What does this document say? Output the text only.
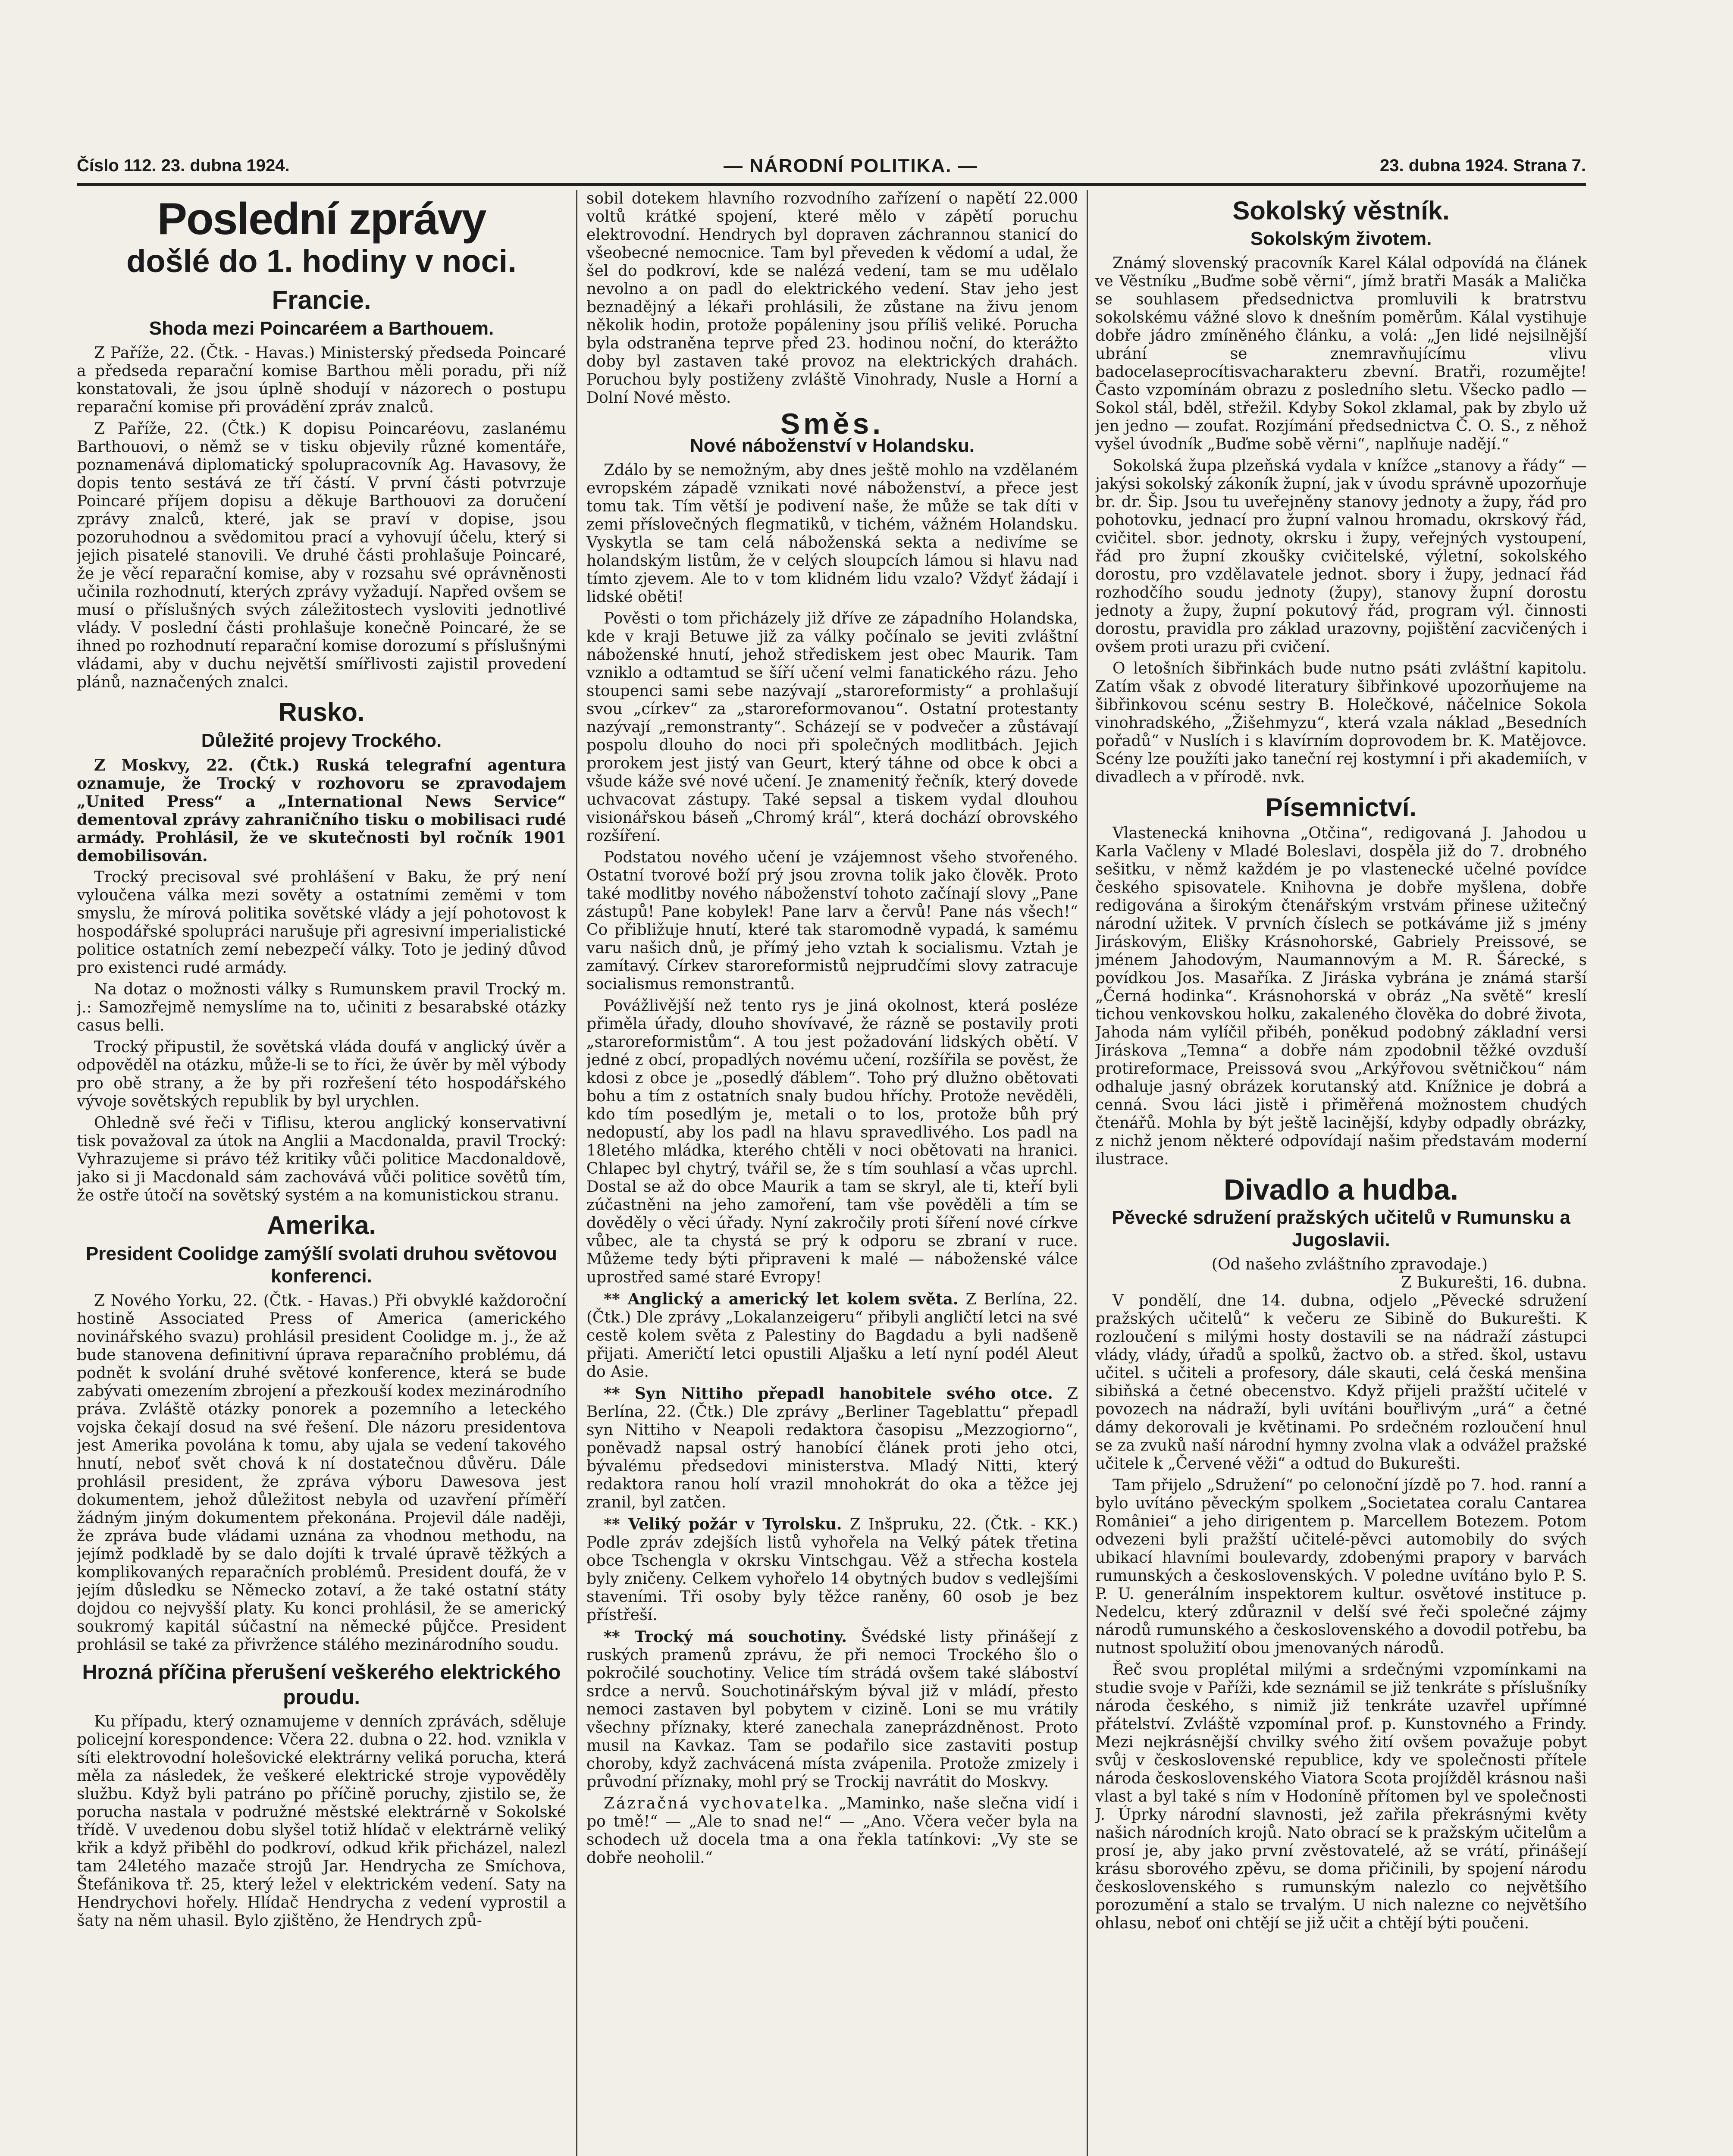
Číslo 112. 23. dubna 1924.	— NÁRODNÍ POLITIKA. —	23. dubna 1924. Strana 7.
Poslední zprávy
došlé do 1. hodiny v noci.
Francie.
Shoda mezi Poincaréem a Barthouem.

Z Paříže, 22. (Čtk. - Havas.) Ministerský předseda Poincaré a předseda reparační komise Barthou měli poradu, při níž konstatovali, že jsou úplně shodují v názorech o postupu reparační komise při provádění zpráv znalců.

Z Paříže, 22. (Čtk.) K dopisu Poincaréovu, zaslanému Barthouovi, o němž se v tisku objevily různé komentáře, poznamenává diplomatický spolupracovník Ag. Havasovy, že dopis tento sestává ze tří částí. V první části potvrzuje Poincaré příjem dopisu a děkuje Barthouovi za doručení zprávy znalců, které, jak se praví v dopise, jsou pozoruhodnou a svědomitou prací a vyhovují účelu, který si jejich pisatelé stanovili. Ve druhé části prohlašuje Poincaré, že je věcí reparační komise, aby v rozsahu své oprávněnosti učinila rozhodnutí, kterých zprávy vyžadují. Napřed ovšem se musí o příslušných svých záležitostech vysloviti jednotlivé vlády. V poslední části prohlašuje konečně Poincaré, že se ihned po rozhodnutí reparační komise dorozumí s příslušnými vládami, aby v duchu největší smířlivosti zajistil provedení plánů, naznačených znalci.

Rusko.
Důležité projevy Trockého.

Z Moskvy, 22. (Čtk.) Ruská telegrafní agentura oznamuje, že Trocký v rozhovoru se zpravodajem „United Press“ a „International News Service“ dementoval zprávy zahraničního tisku o mobilisaci rudé armády. Prohlásil, že ve skutečnosti byl ročník 1901 demobilisován.

Trocký precisoval své prohlášení v Baku, že prý není vyloučena válka mezi sověty a ostatními zeměmi v tom smyslu, že mírová politika sovětské vlády a její pohotovost k hospodářské spolupráci narušuje při agresivní imperialistické politice ostatních zemí nebezpečí války. Toto je jediný důvod pro existenci rudé armády.

Na dotaz o možnosti války s Rumunskem pravil Trocký m. j.: Samozřejmě nemyslíme na to, učiniti z besarabské otázky casus belli.

Trocký připustil, že sovětská vláda doufá v anglický úvěr a odpověděl na otázku, může-li se to říci, že úvěr by měl výbody pro obě strany, a že by při rozřešení této hospodářského vývoje sovětských republik by byl urychlen.

Ohledně své řeči v Tiflisu, kterou anglický konservativní tisk považoval za útok na Anglii a Macdonalda, pravil Trocký: Vyhrazujeme si právo též kritiky vůči politice Macdonaldově, jako si ji Macdonald sám zachovává vůči politice sovětů tím, že ostře útočí na sovětský systém a na komunistickou stranu.

Amerika.
President Coolidge zamýšlí svolati druhou světovou konferenci.

Z Nového Yorku, 22. (Čtk. - Havas.) Při obvyklé každoroční hostině Associated Press of America (amerického novinářského svazu) prohlásil president Coolidge m. j., že až bude stanovena definitivní úprava reparačního problému, dá podnět k svolání druhé světové konference, která se bude zabývati omezením zbrojení a přezkouší kodex mezinárodního práva. Zvláště otázky ponorek a pozemního a leteckého vojska čekají dosud na své řešení. Dle názoru presidentova jest Amerika povolána k tomu, aby ujala se vedení takového hnutí, neboť svět chová k ní dostatečnou důvěru. Dále prohlásil president, že zpráva výboru Dawesova jest dokumentem, jehož důležitost nebyla od uzavření příměří žádným jiným dokumentem překonána. Projevil dále naději, že zpráva bude vládami uznána za vhodnou methodu, na jejímž podkladě by se dalo dojíti k trvalé úpravě těžkých a komplikovaných reparačních problémů. President doufá, že v jejím důsledku se Německo zotaví, a že také ostatní státy dojdou co nejvyšší platy. Ku konci prohlásil, že se americký soukromý kapitál súčastní na německé půjčce. President prohlásil se také za přivržence stálého mezinárodního soudu.

Hrozná příčina přerušení veškerého elektrického proudu.

Ku případu, který oznamujeme v denních zprávách, sděluje policejní korespondence: Včera 22. dubna o 22. hod. vznikla v síti elektrovodní holešovické elektrárny veliká porucha, která měla za následek, že veškeré elektrické stroje vypověděly službu. Když byli patráno po příčině poruchy, zjistilo se, že porucha nastala v podružné městské elektrárně v Sokolské třídě. V uvedenou dobu slyšel totiž hlídač v elektrárně veliký křik a když přiběhl do podkroví, odkud křik přicházel, nalezl tam 24letého mazače strojů Jar. Hendrycha ze Smíchova, Štefánikova tř. 25, který ležel v elektrickém vedení. Saty na Hendrychovi hořely. Hlídač Hendrycha z vedení vyprostil a šaty na něm uhasil. Bylo zjištěno, že Hendrych způ-

sobil dotekem hlavního rozvodního zařízení o napětí 22.000 voltů krátké spojení, které mělo v zápětí poruchu elektrovodní. Hendrych byl dopraven záchrannou stanicí do všeobecné nemocnice. Tam byl převeden k vědomí a udal, že šel do podkroví, kde se nalézá vedení, tam se mu udělalo nevolno a on padl do elektrického vedení. Stav jeho jest beznadějný a lékaři prohlásili, že zůstane na živu jenom několik hodin, protože popáleniny jsou příliš veliké. Porucha byla odstraněna teprve před 23. hodinou noční, do kterážto doby byl zastaven také provoz na elektrických drahách. Poruchou byly postiženy zvláště Vinohrady, Nusle a Horní a Dolní Nové město.

Směs.
Nové náboženství v Holandsku.

Zdálo by se nemožným, aby dnes ještě mohlo na vzdělaném evropském západě vznikati nové náboženství, a přece jest tomu tak. Tím větší je podivení naše, že může se tak díti v zemi příslovečných flegmatiků, v tichém, vážném Holandsku. Vyskytla se tam celá náboženská sekta a nedivíme se holandským listům, že v celých sloupcích lámou si hlavu nad tímto zjevem. Ale to v tom klidném lidu vzalo? Vždyť žádají i lidské oběti!

Pověsti o tom přicházely již dříve ze západního Holandska, kde v kraji Betuwe již za války počínalo se jeviti zvláštní náboženské hnutí, jehož střediskem jest obec Maurik. Tam vzniklo a odtamtud se šíří učení velmi fanatického rázu. Jeho stoupenci sami sebe nazývají „staroreformisty“ a prohlašují svou „církev“ za „staroreformovanou“. Ostatní protestanty nazývají „remonstranty“. Scházejí se v podvečer a zůstávají pospolu dlouho do noci při společných modlitbách. Jejich prorokem jest jistý van Geurt, který táhne od obce k obci a všude káže své nové učení. Je znamenitý řečník, který dovede uchvacovat zástupy. Také sepsal a tiskem vydal dlouhou visionářskou báseň „Chromý král“, která dochází obrovského rozšíření.

Podstatou nového učení je vzájemnost všeho stvořeného. Ostatní tvorové boží prý jsou zrovna tolik jako člověk. Proto také modlitby nového náboženství tohoto začínají slovy „Pane zástupů! Pane kobylek! Pane larv a červů! Pane nás všech!“ Co přibližuje hnutí, které tak staromodně vypadá, k samému varu našich dnů, je přímý jeho vztah k socialismu. Vztah je zamítavý. Církev staroreformistů nejprudčími slovy zatracuje socialismus remonstrantů.

Povážlivější než tento rys je jiná okolnost, která posléze přiměla úřady, dlouho shovívavé, že rázně se postavily proti „staroreformistům“. A tou jest požadování lidských obětí. V jedné z obcí, propadlých novému učení, rozšířila se pověst, že kdosi z obce je „posedlý ďáblem“. Toho prý dlužno obětovati bohu a tím z ostatních snaly budou hříchy. Protože nevěděli, kdo tím posedlým je, metali o to los, protože bůh prý nedopustí, aby los padl na hlavu spravedlivého. Los padl na 18letého mládka, kterého chtěli v noci obětovati na hranici. Chlapec byl chytrý, tvářil se, že s tím souhlasí a včas uprchl. Dostal se až do obce Maurik a tam se skryl, ale ti, kteří byli zúčastněni na jeho zamoření, tam vše pověděli a tím se dověděly o věci úřady. Nyní zakročily proti šíření nové církve vůbec, ale ta chystá se prý k odporu se zbraní v ruce. Můžeme tedy býti připraveni k malé — náboženské válce uprostřed samé staré Evropy!

** Anglický a americký let kolem světa. Z Berlína, 22. (Čtk.) Dle zprávy „Lokalanzeigeru“ přibyli angličtí letci na své cestě kolem světa z Palestiny do Bagdadu a byli nadšeně přijati. Američtí letci opustili Aljašku a letí nyní podél Aleut do Asie.

** Syn Nittiho přepadl hanobitele svého otce. Z Berlína, 22. (Čtk.) Dle zprávy „Berliner Tageblattu“ přepadl syn Nittiho v Neapoli redaktora časopisu „Mezzogiorno“, poněvadž napsal ostrý hanobící článek proti jeho otci, bývalému předsedovi ministerstva. Mladý Nitti, který redaktora ranou holí vrazil mnohokrát do oka a těžce jej zranil, byl zatčen.

** Veliký požár v Tyrolsku. Z Inšpruku, 22. (Čtk. - KK.) Podle zpráv zdejších listů vyhořela na Velký pátek třetina obce Tschengla v okrsku Vintschgau. Věž a střecha kostela byly zničeny. Celkem vyhořelo 14 obytných budov s vedlejšími staveními. Tři osoby byly těžce raněny, 60 osob je bez přístřeší.

** Trocký má souchotiny. Švédské listy přinášejí z ruských pramenů zprávu, že při nemoci Trockého šlo o pokročilé souchotiny. Velice tím strádá ovšem také sláboství srdce a nervů. Souchotinářským býval již v mládí, přesto nemoci zastaven byl pobytem v cizině. Loni se mu vrátily všechny příznaky, které zanechala zaneprázdněnost. Proto musil na Kavkaz. Tam se podařilo sice zastaviti postup choroby, když zachvácená místa zvápenila. Protože zmizely i průvodní příznaky, mohl prý se Trockij navrátit do Moskvy.

Zázračná vychovatelka. „Maminko, naše slečna vidí i po tmě!“ — „Ale to snad ne!“ — „Ano. Včera večer byla na schodech už docela tma a ona řekla tatínkovi: „Vy ste se dobře neoholil.“

Sokolský věstník.
Sokolským životem.

Známý slovenský pracovník Karel Kálal odpovídá na článek ve Věstníku „Buďme sobě věrni“, jímž bratři Masák a Malička se souhlasem předsednictva promluvili k bratrstvu sokolskému vážné slovo k dnešním poměrům. Kálal vystihuje dobře jádro zmíněného článku, a volá: „Jen lidé nejsilnější ubrání se znemravňujícímu vlivu badocelaseprocítisvacharakteru zbevní. Bratři, rozumějte! Často vzpomínám obrazu z posledního sletu. Všecko padlo — Sokol stál, bděl, střežil. Kdyby Sokol zklamal, pak by zbylo už jen jedno — zoufat. Rozjímání předsednictva Č. O. S., z něhož vyšel úvodník „Buďme sobě věrni“, naplňuje nadějí.“

Sokolská župa plzeňská vydala v knížce „stanovy a řády“ — jakýsi sokolský zákoník župní, jak v úvodu správně upozorňuje br. dr. Šip. Jsou tu uveřejněny stanovy jednoty a župy, řád pro pohotovku, jednací pro župní valnou hromadu, okrskový řád, cvičitel. sbor. jednoty, okrsku i župy, veřejných vystoupení, řád pro župní zkoušky cvičitelské, výletní, sokolského dorostu, pro vzdělavatele jednot. sbory i župy, jednací řád rozhodčího soudu jednoty (župy), stanovy župní dorostu jednoty a župy, župní pokutový řád, program výl. činnosti dorostu, pravidla pro základ urazovny, pojištění zacvičených i ovšem proti urazu při cvičení.

O letošních šibřinkách bude nutno psáti zvláštní kapitolu. Zatím však z obvodé literatury šibřinkové upozorňujeme na šibřinkovou scénu sestry B. Holečkové, náčelnice Sokola vinohradského, „Žišehmyzu“, která vzala náklad „Besedních pořadů“ v Nuslích i s klavírním doprovodem br. K. Matějovce. Scény lze použíti jako taneční rej kostymní i při akademiích, v divadlech a v přírodě. nvk.

Písemnictví.

Vlastenecká knihovna „Otčina“, redigovaná J. Jahodou u Karla Vačleny v Mladé Boleslavi, dospěla již do 7. drobného sešitku, v němž každém je po vlastenecké učelné povídce českého spisovatele. Knihovna je dobře myšlena, dobře redigována a širokým čtenářským vrstvám přinese užitečný národní užitek. V prvních číslech se potkáváme již s jmény Jiráskovým, Elišky Krásnohorské, Gabriely Preissové, se jménem Jahodovým, Naumannovým a M. R. Šárecké, s povídkou Jos. Masaříka. Z Jiráska vybrána je známá starší „Černá hodinka“. Krásnohorská v obráz „Na světě“ kreslí tichou venkovskou holku, zakaleného člověka do dobré života, Jahoda nám vylíčil přibéh, poněkud podobný základní versi Jiráskova „Temna“ a dobře nám zpodobnil těžké ovzduší protireformace, Preissová svou „Arkýřovou světničkou“ nám odhaluje jasný obrázek korutanský atd. Knížnice je dobrá a cenná. Svou láci jistě i přiměřená možnostem chudých čtenářů. Mohla by být ještě lacinější, kdyby odpadly obrázky, z nichž jenom některé odpovídají našim představám moderní ilustrace.

Divadlo a hudba.
Pěvecké sdružení pražských učitelů v Rumunsku a Jugoslavii.

(Od našeho zvláštního zpravodaje.)

Z Bukurešti, 16. dubna.

V pondělí, dne 14. dubna, odjelo „Pěvecké sdružení pražských učitelů“ k večeru ze Sibině do Bukurešti. K rozloučení s milými hosty dostavili se na nádraží zástupci vlády, vlády, úřadů a spolků, žactvo ob. a střed. škol, ustavu učitel. s učiteli a profesory, dále skauti, celá česká menšina sibiňská a četné obecenstvo. Když přijeli pražští učitelé v povozech na nádraží, byli uvítáni bouřlivým „urá“ a četné dámy dekorovali je květinami. Po srdečném rozloučení hnul se za zvuků naší národní hymny zvolna vlak a odvážel pražské učitele k „Červené věži“ a odtud do Bukurešti.

Tam přijelo „Sdružení“ po celonoční jízdě po 7. hod. ranní a bylo uvítáno pěveckým spolkem „Societatea coralu Cantarea României“ a jeho dirigentem p. Marcellem Botezem. Potom odvezeni byli pražští učitelé-pěvci automobily do svých ubikací hlavními boulevardy, zdobenými prapory v barvách rumunských a československých. V poledne uvítáno bylo P. S. P. U. generálním inspektorem kultur. osvětové instituce p. Nedelcu, který zdůraznil v delší své řeči společné zájmy národů rumunského a československého a dovodil potřebu, ba nutnost spolužití obou jmenovaných národů.

Řeč svou proplétal milými a srdečnými vzpomínkami na studie svoje v Paříži, kde seznámil se již tenkráte s příslušníky národa českého, s nimiž již tenkráte uzavřel upřímné přátelství. Zvláště vzpomínal prof. p. Kunstovného a Frindy. Mezi nejkrásnější chvilky svého žití ovšem považuje pobyt svůj v československé republice, kdy ve společnosti přítele národa československého Viatora Scota projížděl krásnou naši vlast a byl také s ním v Hodoníně přítomen byl ve společnosti J. Úprky národní slavnosti, jež zařila překrásnými květy našich národních krojů. Nato obrací se k pražským učitelům a prosí je, aby jako první zvěstovatelé, až se vrátí, přinášejí krásu sborového zpěvu, se doma přičinili, by spojení národu československého s rumunským nalezlo co největšího porozumění a stalo se trvalým. U nich nalezne co největšího ohlasu, neboť oni chtějí se již učit a chtějí býti poučeni.
